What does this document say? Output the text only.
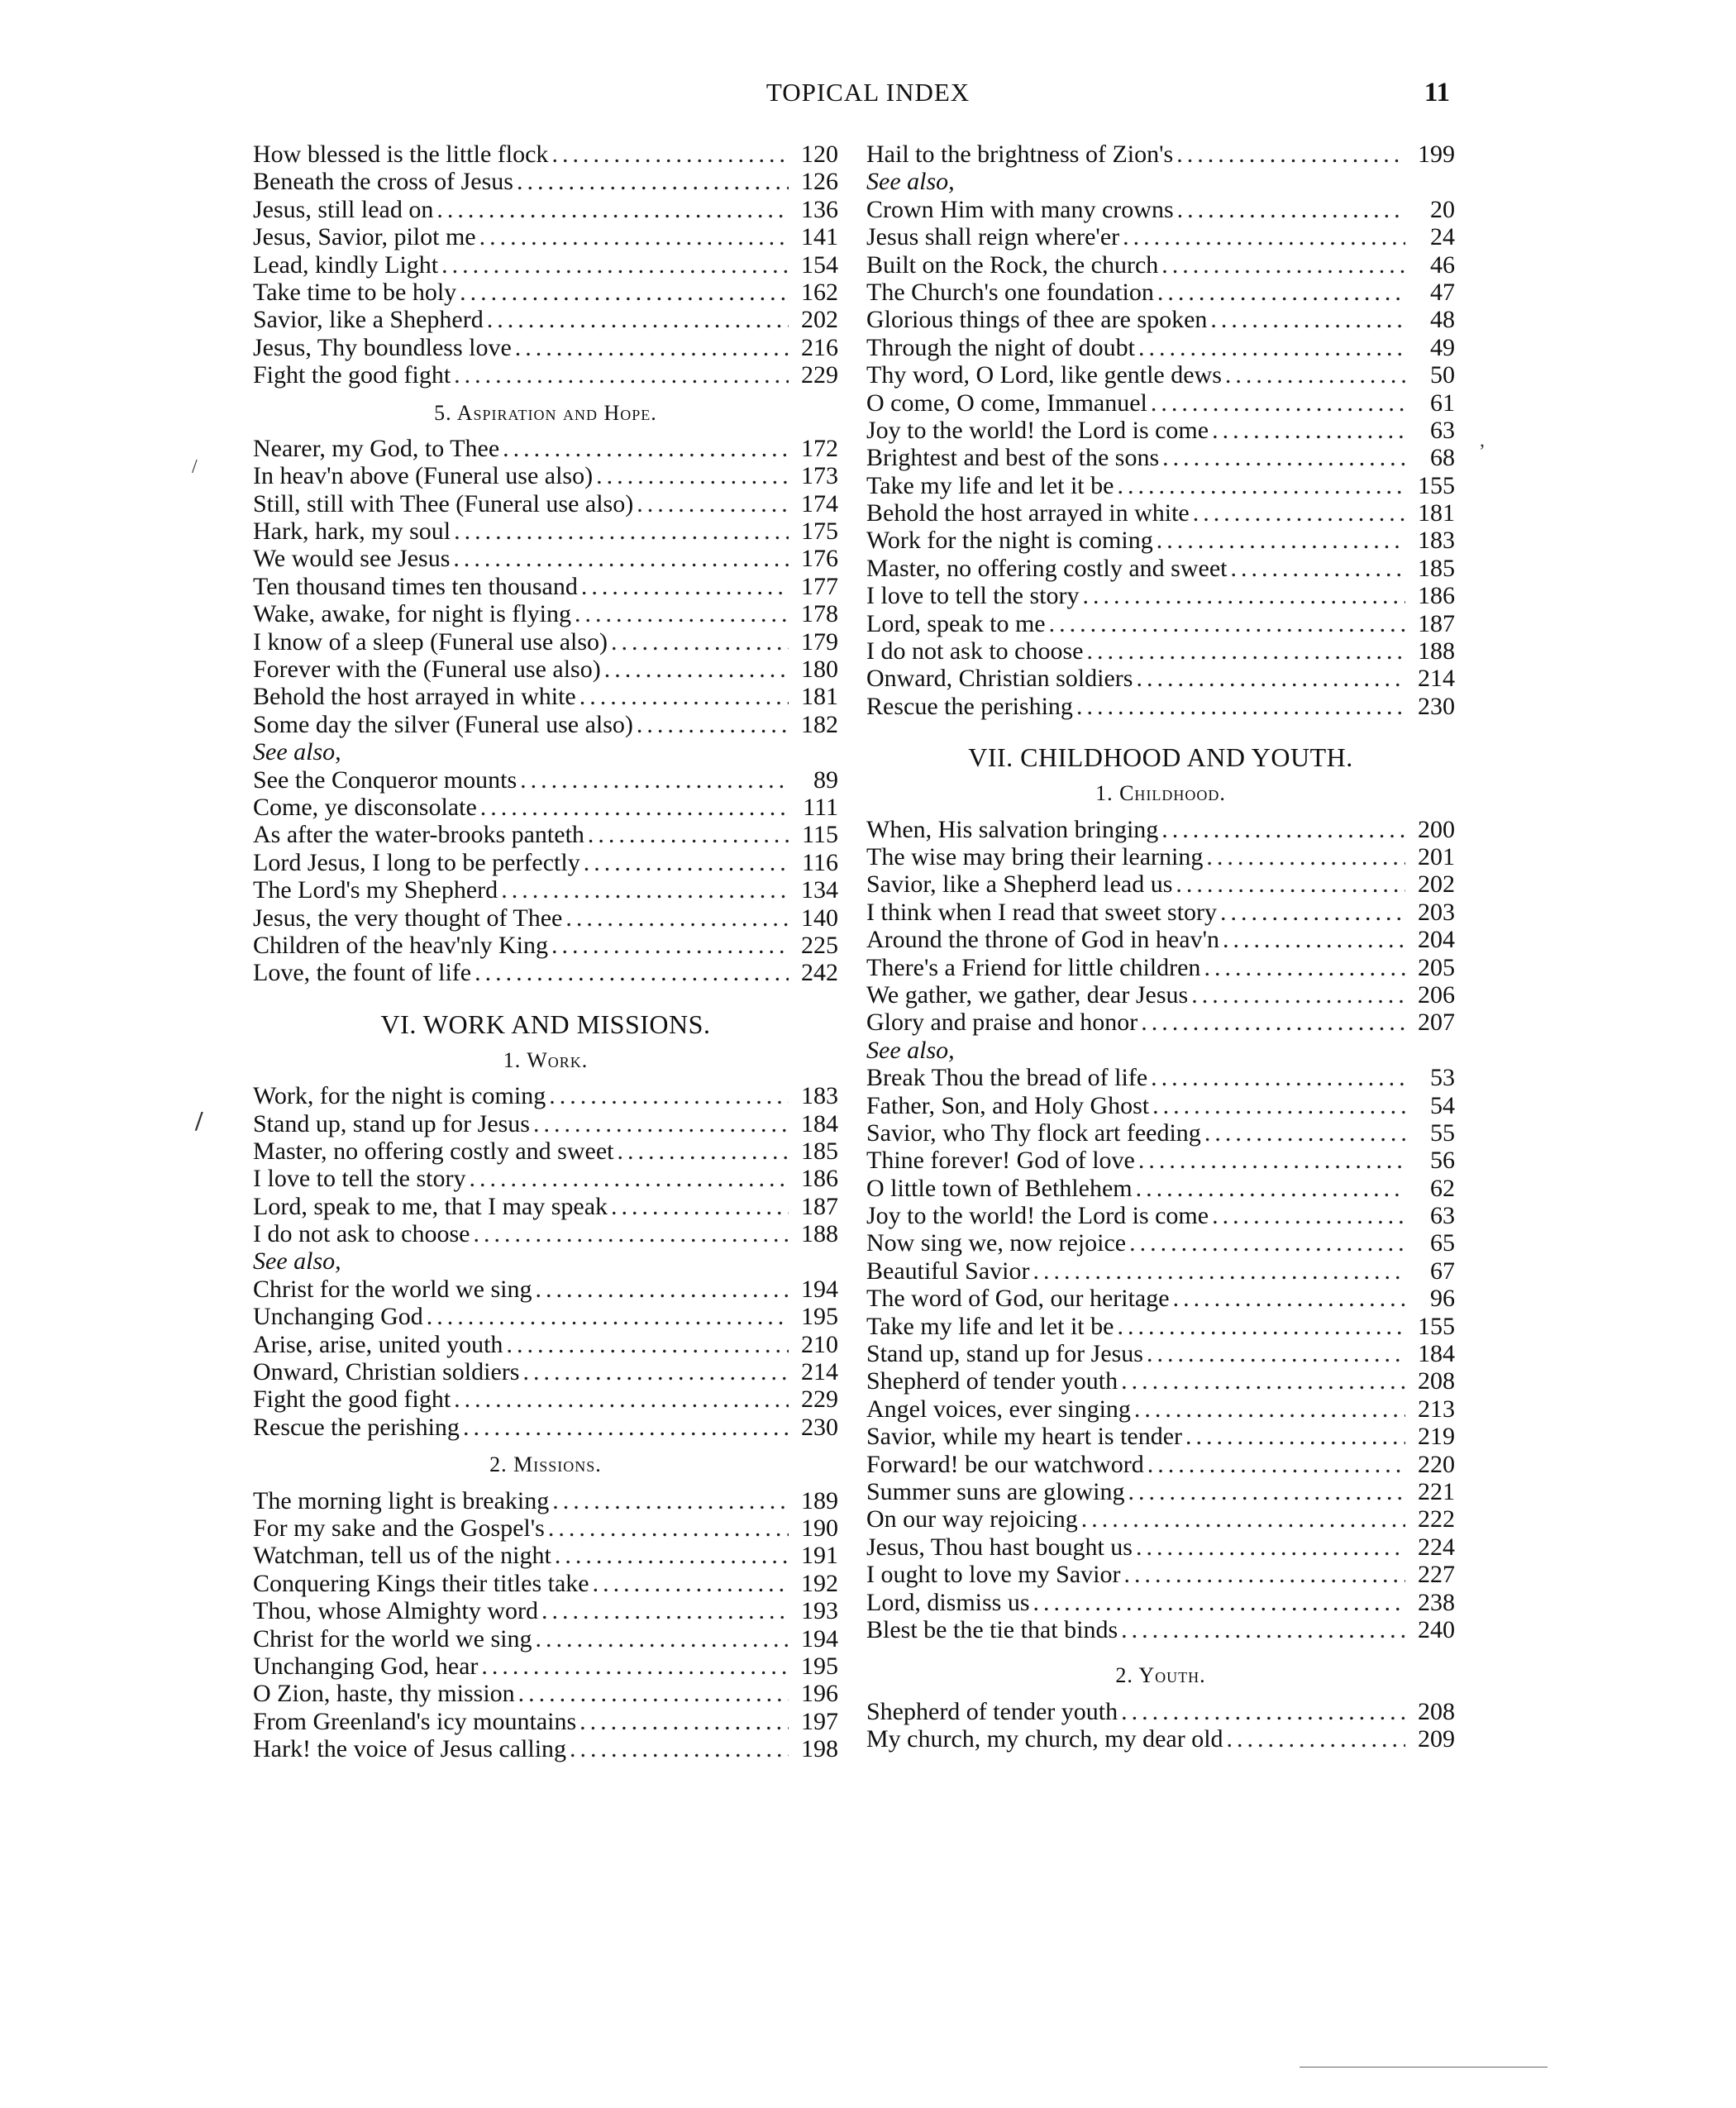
TOPICAL INDEX	11
How blessed is the little flock .....	120
Beneath the cross of Jesus .....	126
Jesus, still lead on .....	136
Jesus, Savior, pilot me .....	141
Lead, kindly Light .....	154
Take time to be holy .....	162
Savior, like a Shepherd .....	202
Jesus, Thy boundless love .....	216
Fight the good fight .....	229
5. Aspiration and Hope.
Nearer, my God, to Thee .....	172
In heav'n above (Funeral use also) .....	173
Still, still with Thee (Funeral use also) .....	174
Hark, hark, my soul .....	175
We would see Jesus .....	176
Ten thousand times ten thousand .....	177
Wake, awake, for night is flying .....	178
I know of a sleep (Funeral use also) .....	179
Forever with the (Funeral use also) .....	180
Behold the host arrayed in white .....	181
Some day the silver (Funeral use also) .....	182
See also,
See the Conqueror mounts .....	89
Come, ye disconsolate .....	111
As after the water-brooks panteth .....	115
Lord Jesus, I long to be perfectly .....	116
The Lord's my Shepherd .....	134
Jesus, the very thought of Thee .....	140
Children of the heav'nly King .....	225
Love, the fount of life .....	242
VI. WORK AND MISSIONS.
1. Work.
Work, for the night is coming .....	183
Stand up, stand up for Jesus .....	184
Master, no offering costly and sweet .....	185
I love to tell the story .....	186
Lord, speak to me, that I may speak .....	187
I do not ask to choose .....	188
See also,
Christ for the world we sing .....	194
Unchanging God .....	195
Arise, arise, united youth .....	210
Onward, Christian soldiers .....	214
Fight the good fight .....	229
Rescue the perishing .....	230
2. Missions.
The morning light is breaking .....	189
For my sake and the Gospel's .....	190
Watchman, tell us of the night .....	191
Conquering Kings their titles take .....	192
Thou, whose Almighty word .....	193
Christ for the world we sing .....	194
Unchanging God, hear .....	195
O Zion, haste, thy mission .....	196
From Greenland's icy mountains .....	197
Hark! the voice of Jesus calling .....	198
Hail to the brightness of Zion's .....	199
See also,
Crown Him with many crowns .....	20
Jesus shall reign where'er .....	24
Built on the Rock, the church .....	46
The Church's one foundation .....	47
Glorious things of thee are spoken .....	48
Through the night of doubt .....	49
Thy word, O Lord, like gentle dews .....	50
O come, O come, Immanuel .....	61
Joy to the world! the Lord is come .....	63
Brightest and best of the sons .....	68
Take my life and let it be .....	155
Behold the host arrayed in white .....	181
Work for the night is coming .....	183
Master, no offering costly and sweet .....	185
I love to tell the story .....	186
Lord, speak to me .....	187
I do not ask to choose .....	188
Onward, Christian soldiers .....	214
Rescue the perishing .....	230
VII. CHILDHOOD AND YOUTH.
1. Childhood.
When, His salvation bringing .....	200
The wise may bring their learning .....	201
Savior, like a Shepherd lead us .....	202
I think when I read that sweet story .....	203
Around the throne of God in heav'n .....	204
There's a Friend for little children .....	205
We gather, we gather, dear Jesus .....	206
Glory and praise and honor .....	207
See also,
Break Thou the bread of life .....	53
Father, Son, and Holy Ghost .....	54
Savior, who Thy flock art feeding .....	55
Thine forever! God of love .....	56
O little town of Bethlehem .....	62
Joy to the world! the Lord is come .....	63
Now sing we, now rejoice .....	65
Beautiful Savior .....	67
The word of God, our heritage .....	96
Take my life and let it be .....	155
Stand up, stand up for Jesus .....	184
Shepherd of tender youth .....	208
Angel voices, ever singing .....	213
Savior, while my heart is tender .....	219
Forward! be our watchword .....	220
Summer suns are glowing .....	221
On our way rejoicing .....	222
Jesus, Thou hast bought us .....	224
I ought to love my Savior .....	227
Lord, dismiss us .....	238
Blest be the tie that binds .....	240
2. Youth.
Shepherd of tender youth .....	208
My church, my church, my dear old .....	209
/
/
,
